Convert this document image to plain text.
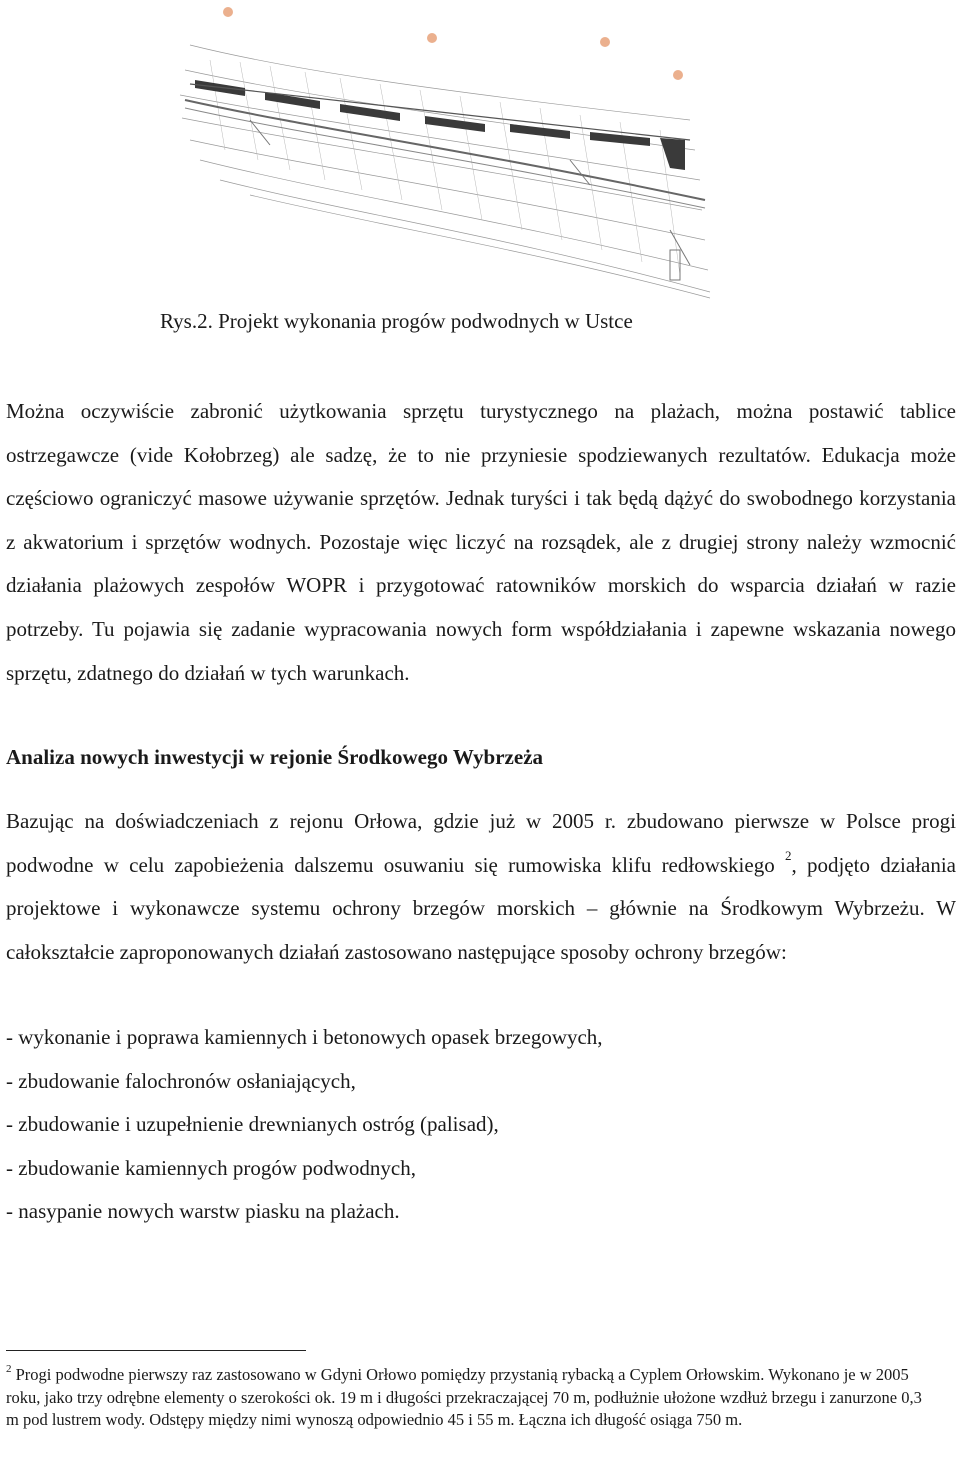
Rys.2. Projekt wykonania progów podwodnych w Ustce

Można oczywiście zabronić użytkowania sprzętu turystycznego na plażach, można postawić tablice ostrzegawcze (vide Kołobrzeg) ale sadzę, że to nie przyniesie spodziewanych rezultatów. Edukacja może częściowo ograniczyć masowe używanie sprzętów. Jednak turyści i tak będą dążyć do swobodnego korzystania z akwatorium i sprzętów wodnych. Pozostaje więc liczyć na rozsądek, ale z drugiej strony należy wzmocnić działania plażowych zespołów WOPR i przygotować ratowników morskich do wsparcia działań w razie potrzeby. Tu pojawia się zadanie wypracowania nowych form współdziałania i zapewne wskazania nowego sprzętu, zdatnego do działań w tych warunkach.

Analiza nowych inwestycji w rejonie Środkowego Wybrzeża

Bazując na doświadczeniach z rejonu Orłowa, gdzie już w 2005 r. zbudowano pierwsze w Polsce progi podwodne w celu zapobieżenia dalszemu osuwaniu się rumowiska klifu redłowskiego $^2$, podjęto działania projektowe i wykonawcze systemu ochrony brzegów morskich – głównie na Środkowym Wybrzeżu. W całokształcie zaproponowanych działań zastosowano następujące sposoby ochrony brzegów:

- wykonanie i poprawa kamiennych i betonowych opasek brzegowych,
- zbudowanie falochronów osłaniających,
- zbudowanie i uzupełnienie drewnianych ostróg (palisad),
- zbudowanie kamiennych progów podwodnych,
- nasypanie nowych warstw piasku na plażach.

$^2$ Progi podwodne pierwszy raz zastosowano w Gdyni Orłowo pomiędzy przystanią rybacką a Cyplem Orłowskim. Wykonano je w 2005 roku, jako trzy odrębne elementy o szerokości ok. 19 m i długości przekraczającej 70 m, podłużnie ułożone wzdłuż brzegu i zanurzone 0,3 m pod lustrem wody. Odstępy między nimi wynoszą odpowiednio 45 i 55 m. Łączna ich długość osiąga 750 m.
